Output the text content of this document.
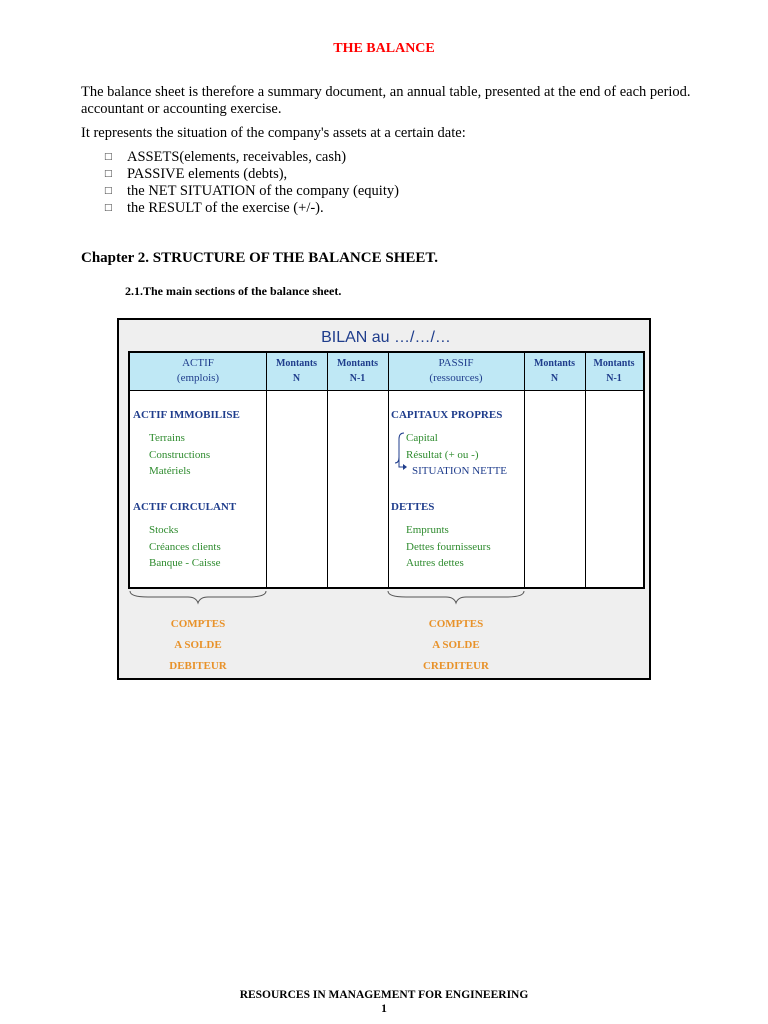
THE BALANCE
The balance sheet is therefore a summary document, an annual table, presented at the end of each period. accountant or accounting exercise.
It represents the situation of the company's assets at a certain date:
□ ASSETS(elements, receivables, cash)
□ PASSIVE elements (debts),
□ the NET SITUATION of the company (equity)
□ the RESULT of the exercise (+/-).
Chapter 2. STRUCTURE OF THE BALANCE SHEET.
2.1.The main sections of the balance sheet.
BILAN au …/…/…
ACTIF
(emplois)
Montants
N
Montants
N-1
PASSIF
(ressources)
Montants
N
Montants
N-1
ACTIF IMMOBILISE
Terrains
Constructions
Matériels
ACTIF CIRCULANT
Stocks
Créances clients
Banque - Caisse
CAPITAUX PROPRES
Capital
Résultat (+ ou -)
SITUATION NETTE
DETTES
Emprunts
Dettes fournisseurs
Autres dettes
COMPTES
A SOLDE
DEBITEUR
COMPTES
A SOLDE
CREDITEUR
RESOURCES IN MANAGEMENT FOR ENGINEERING
1
